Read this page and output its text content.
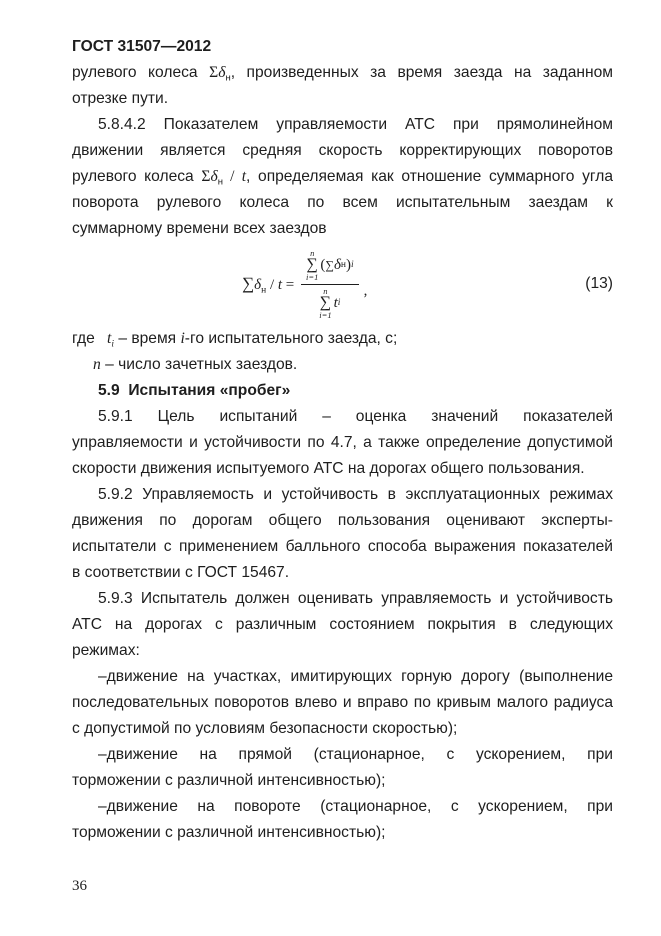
ГОСТ 31507—2012
рулевого колеса $\Sigma\delta_н$, произведенных за время заезда на заданном
отрезке пути.
5.8.4.2 Показателем управляемости АТС при прямолинейном
движении является средняя скорость корректирующих поворотов
рулевого колеса $\Sigma\delta_н$ / t, определяемая как отношение суммарного угла
поворота рулевого колеса по всем испытательным заездам к
суммарному времени всех заездов
$\sum\delta_н / t = n$
∑
i=1
( ∑ δ н ) i
n
∑
i=1
t i ,	(13)
где $t_i$ – время i-го испытательного заезда, с;
n – число зачетных заездов.
5.9  Испытания «пробег»
5.9.1 Цель испытаний – оценка значений показателей
управляемости и устойчивости по 4.7, а также определение допустимой
скорости движения испытуемого АТС на дорогах общего пользования.
5.9.2 Управляемость и устойчивость в эксплуатационных режимах
движения по дорогам общего пользования оценивают эксперты-
испытатели с применением балльного способа выражения показателей
в соответствии с ГОСТ 15467.
5.9.3 Испытатель должен оценивать управляемость и устойчивость
АТС на дорогах с различным состоянием покрытия в следующих
режимах:
–движение на участках, имитирующих горную дорогу (выполнение
последовательных поворотов влево и вправо по кривым малого радиуса
с допустимой по условиям безопасности скоростью);
–движение на прямой (стационарное, с ускорением, при
торможении с различной интенсивностью);
–движение на повороте (стационарное, с ускорением, при
торможении с различной интенсивностью);
36
